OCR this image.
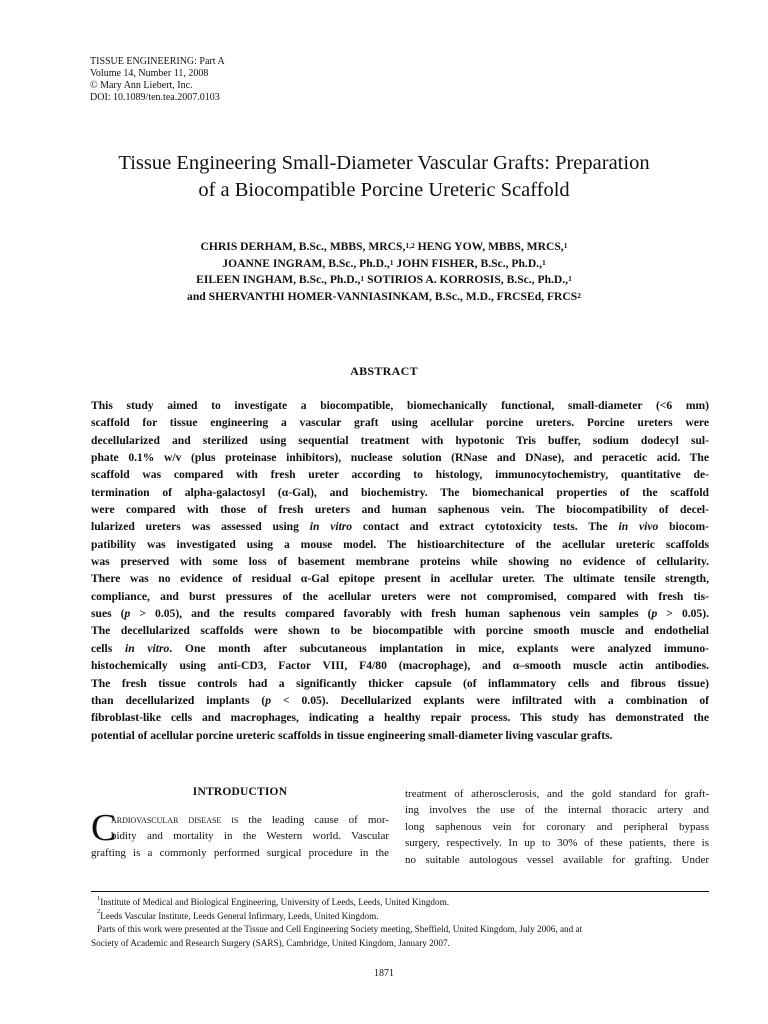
TISSUE ENGINEERING: Part A
Volume 14, Number 11, 2008
© Mary Ann Liebert, Inc.
DOI: 10.1089/ten.tea.2007.0103
Tissue Engineering Small-Diameter Vascular Grafts: Preparation
of a Biocompatible Porcine Ureteric Scaffold
CHRIS DERHAM, B.Sc., MBBS, MRCS,$^{1,2}$ HENG YOW, MBBS, MRCS,$^1$
JOANNE INGRAM, B.Sc., Ph.D.,$^1$ JOHN FISHER, B.Sc., Ph.D.,$^1$
EILEEN INGHAM, B.Sc., Ph.D.,$^1$ SOTIRIOS A. KORROSIS, B.Sc., Ph.D.,$^1$
and SHERVANTHI HOMER-VANNIASINKAM, B.Sc., M.D., FRCSEd, FRCS$^2$
ABSTRACT
This study aimed to investigate a biocompatible, biomechanically functional, small-diameter (<6 mm)
scaffold for tissue engineering a vascular graft using acellular porcine ureters. Porcine ureters were
decellularized and sterilized using sequential treatment with hypotonic Tris buffer, sodium dodecyl sul-
phate 0.1% w/v (plus proteinase inhibitors), nuclease solution (RNase and DNase), and peracetic acid. The
scaffold was compared with fresh ureter according to histology, immunocytochemistry, quantitative de-
termination of alpha-galactosyl (α-Gal), and biochemistry. The biomechanical properties of the scaffold
were compared with those of fresh ureters and human saphenous vein. The biocompatibility of decel-
lularized ureters was assessed using in vitro contact and extract cytotoxicity tests. The in vivo biocom-
patibility was investigated using a mouse model. The histioarchitecture of the acellular ureteric scaffolds
was preserved with some loss of basement membrane proteins while showing no evidence of cellularity.
There was no evidence of residual α-Gal epitope present in acellular ureter. The ultimate tensile strength,
compliance, and burst pressures of the acellular ureters were not compromised, compared with fresh tis-
sues (p > 0.05), and the results compared favorably with fresh human saphenous vein samples (p > 0.05).
The decellularized scaffolds were shown to be biocompatible with porcine smooth muscle and endothelial
cells in vitro. One month after subcutaneous implantation in mice, explants were analyzed immuno-
histochemically using anti-CD3, Factor VIII, F4/80 (macrophage), and α–smooth muscle actin antibodies.
The fresh tissue controls had a significantly thicker capsule (of inflammatory cells and fibrous tissue)
than decellularized implants (p < 0.05). Decellularized explants were infiltrated with a combination of
fibroblast-like cells and macrophages, indicating a healthy repair process. This study has demonstrated the
potential of acellular porcine ureteric scaffolds in tissue engineering small-diameter living vascular grafts.
INTRODUCTION
C
ardiovascular disease is the leading cause of mor-
bidity and mortality in the Western world. Vascular
grafting is a commonly performed surgical procedure in the
treatment of atherosclerosis, and the gold standard for graft-
ing involves the use of the internal thoracic artery and
long saphenous vein for coronary and peripheral bypass
surgery, respectively. In up to 30% of these patients, there is
no suitable autologous vessel available for grafting. Under
$^1$Institute of Medical and Biological Engineering, University of Leeds, Leeds, United Kingdom.
$^2$Leeds Vascular Institute, Leeds General Infirmary, Leeds, United Kingdom.
Parts of this work were presented at the Tissue and Cell Engineering Society meeting, Sheffield, United Kingdom, July 2006, and at
Society of Academic and Research Surgery (SARS), Cambridge, United Kingdom, January 2007.
1871
